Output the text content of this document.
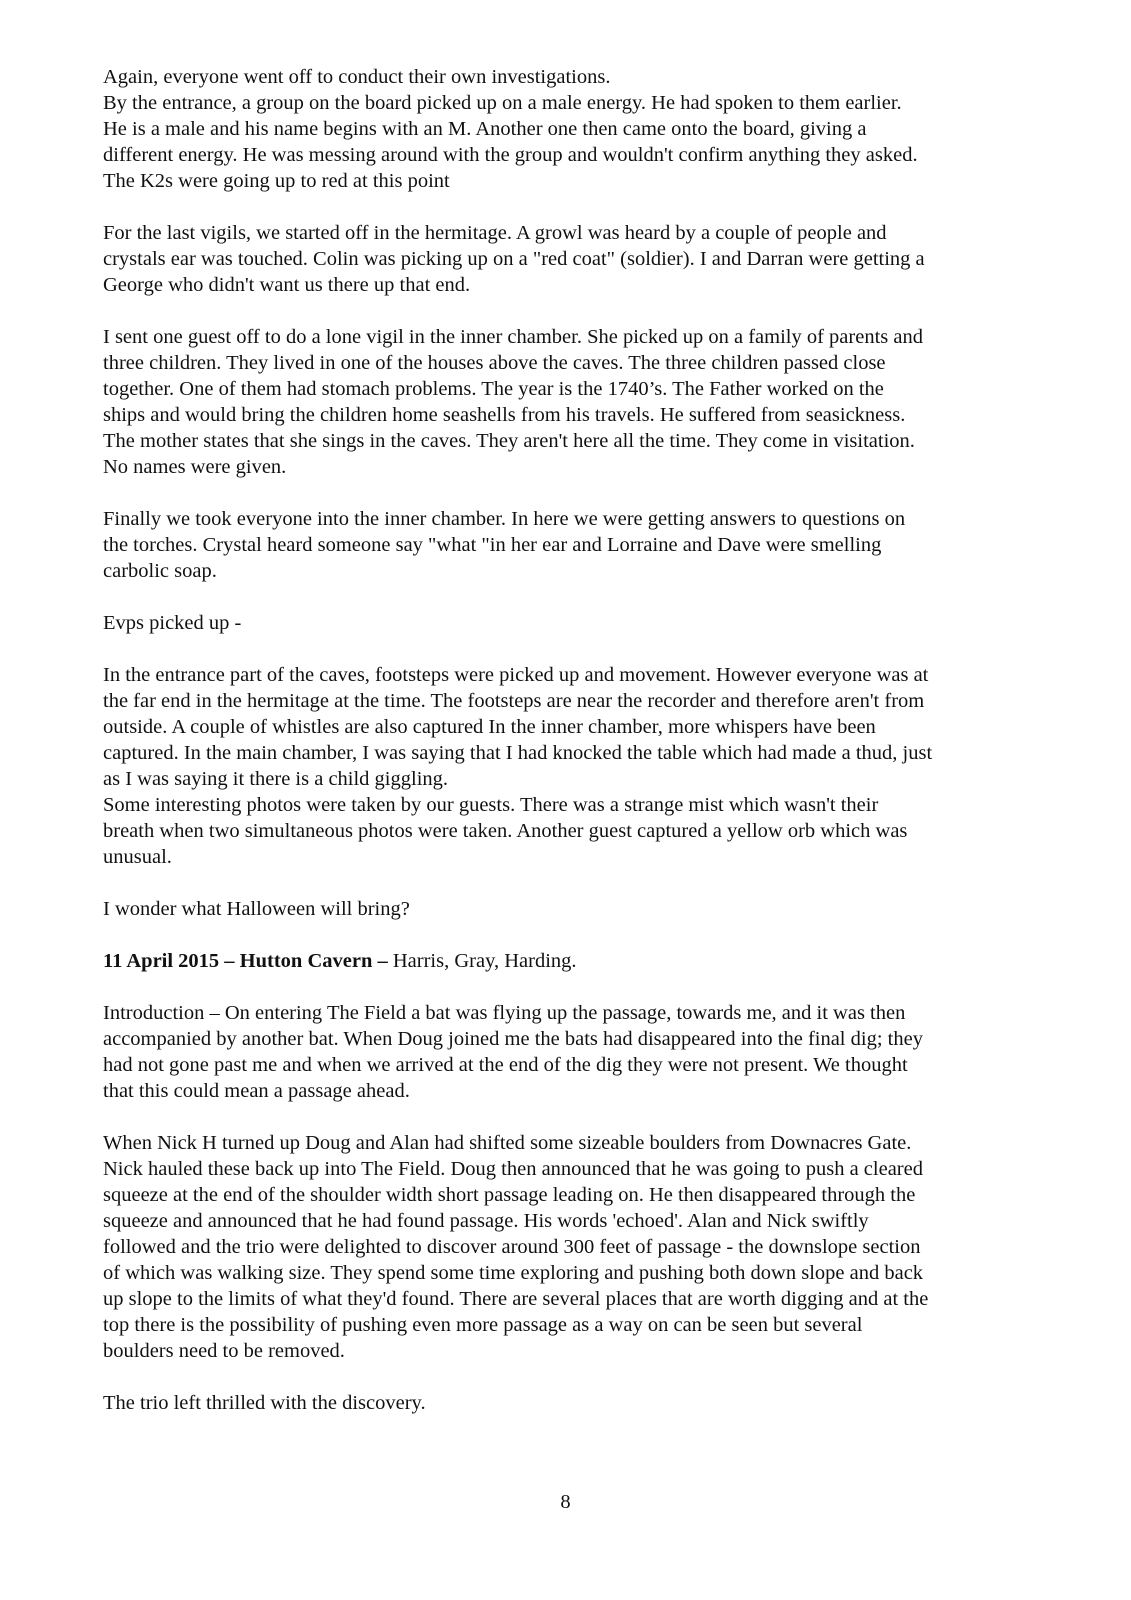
Again, everyone went off to conduct their own investigations.
By the entrance, a group on the board picked up on a male energy. He had spoken to them earlier.
He is a male and his name begins with an M. Another one then came onto the board, giving a
different energy. He was messing around with the group and wouldn't confirm anything they asked.
The K2s were going up to red at this point

For the last vigils, we started off in the hermitage. A growl was heard by a couple of people and
crystals ear was touched. Colin was picking up on a "red coat" (soldier). I and Darran were getting a
George who didn't want us there up that end.

I sent one guest off to do a lone vigil in the inner chamber. She picked up on a family of parents and
three children. They lived in one of the houses above the caves. The three children passed close
together. One of them had stomach problems. The year is the 1740’s. The Father worked on the
ships and would bring the children home seashells from his travels. He suffered from seasickness.
The mother states that she sings in the caves. They aren't here all the time. They come in visitation.
No names were given.

Finally we took everyone into the inner chamber. In here we were getting answers to questions on
the torches. Crystal heard someone say "what "in her ear and Lorraine and Dave were smelling
carbolic soap.

Evps picked up -

In the entrance part of the caves, footsteps were picked up and movement. However everyone was at
the far end in the hermitage at the time. The footsteps are near the recorder and therefore aren't from
outside. A couple of whistles are also captured In the inner chamber, more whispers have been
captured. In the main chamber, I was saying that I had knocked the table which had made a thud, just
as I was saying it there is a child giggling.
Some interesting photos were taken by our guests. There was a strange mist which wasn't their
breath when two simultaneous photos were taken. Another guest captured a yellow orb which was
unusual.

I wonder what Halloween will bring?

11 April 2015 – Hutton Cavern – Harris, Gray, Harding.

Introduction – On entering The Field a bat was flying up the passage, towards me, and it was then
accompanied by another bat. When Doug joined me the bats had disappeared into the final dig; they
had not gone past me and when we arrived at the end of the dig they were not present. We thought
that this could mean a passage ahead.

When Nick H turned up Doug and Alan had shifted some sizeable boulders from Downacres Gate.
Nick hauled these back up into The Field. Doug then announced that he was going to push a cleared
squeeze at the end of the shoulder width short passage leading on. He then disappeared through the
squeeze and announced that he had found passage. His words 'echoed'. Alan and Nick swiftly
followed and the trio were delighted to discover around 300 feet of passage - the downslope section
of which was walking size. They spend some time exploring and pushing both down slope and back
up slope to the limits of what they'd found. There are several places that are worth digging and at the
top there is the possibility of pushing even more passage as a way on can be seen but several
boulders need to be removed.

The trio left thrilled with the discovery.

8
